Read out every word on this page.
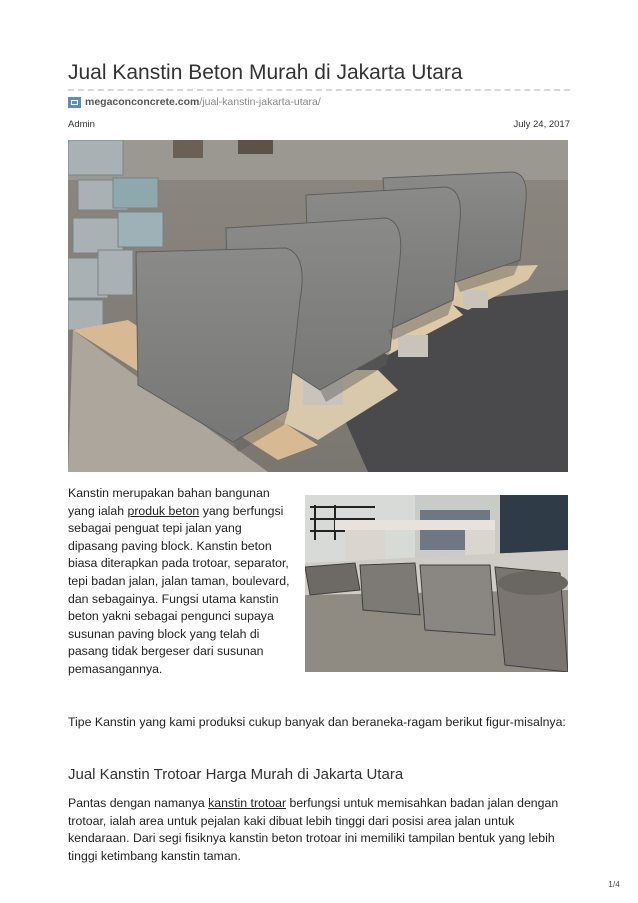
Jual Kanstin Beton Murah di Jakarta Utara
megaconconcrete.com /jual-kanstin-jakarta-utara/
Admin	July 24, 2017

Kanstin merupakan bahan bangunan yang ialah produk beton yang berfungsi sebagai penguat tepi jalan yang dipasang paving block. Kanstin beton biasa diterapkan pada trotoar, separator, tepi badan jalan, jalan taman, boulevard, dan sebagainya. Fungsi utama kanstin beton yakni sebagai pengunci supaya susunan paving block yang telah di pasang tidak bergeser dari susunan pemasangannya.

Tipe Kanstin yang kami produksi cukup banyak dan beraneka-ragam berikut figur-misalnya:

Jual Kanstin Trotoar Harga Murah di Jakarta Utara

Pantas dengan namanya kanstin trotoar berfungsi untuk memisahkan badan jalan dengan trotoar, ialah area untuk pejalan kaki dibuat lebih tinggi dari posisi area jalan untuk kendaraan. Dari segi fisiknya kanstin beton trotoar ini memiliki tampilan bentuk yang lebih tinggi ketimbang kanstin taman.

1/4
